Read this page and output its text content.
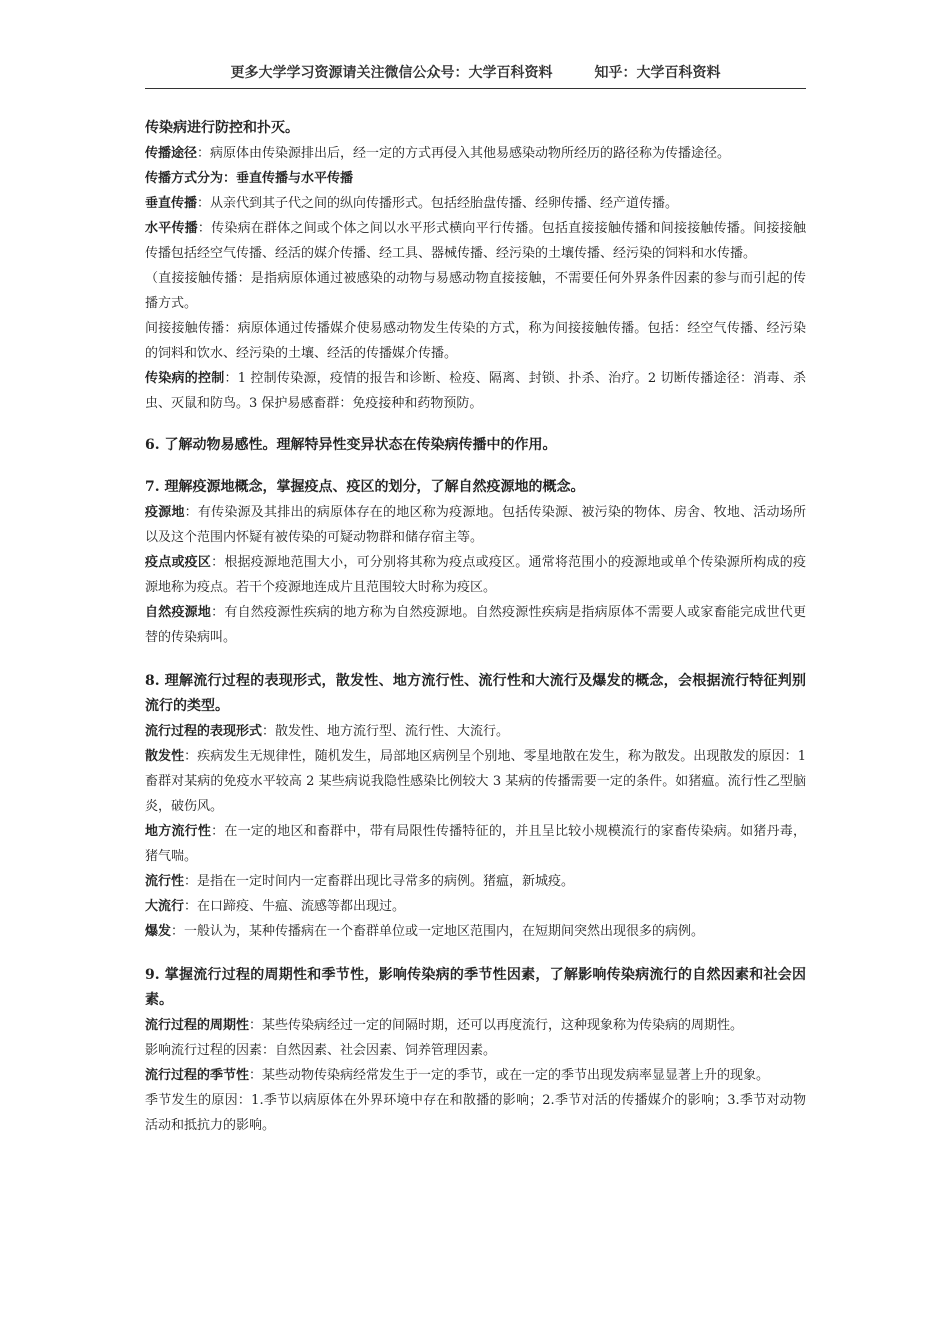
更多大学学习资源请关注微信公众号：大学百科资料	知乎：大学百科资料

传染病进行防控和扑灭。

传播途径：病原体由传染源排出后，经一定的方式再侵入其他易感染动物所经历的路径称为传播途径。

传播方式分为：垂直传播与水平传播

垂直传播：从亲代到其子代之间的纵向传播形式。包括经胎盘传播、经卵传播、经产道传播。

水平传播：传染病在群体之间或个体之间以水平形式横向平行传播。包括直接接触传播和间接接触传播。间接接触传播包括经空气传播、经活的媒介传播、经工具、器械传播、经污染的土壤传播、经污染的饲料和水传播。

（直接接触传播：是指病原体通过被感染的动物与易感动物直接接触，不需要任何外界条件因素的参与而引起的传播方式。

间接接触传播：病原体通过传播媒介使易感动物发生传染的方式，称为间接接触传播。包括：经空气传播、经污染的饲料和饮水、经污染的土壤、经活的传播媒介传播。

传染病的控制：1 控制传染源，疫情的报告和诊断、检疫、隔离、封锁、扑杀、治疗。2 切断传播途径：消毒、杀虫、灭鼠和防鸟。3 保护易感畜群：免疫接种和药物预防。

6. 了解动物易感性。理解特异性变异状态在传染病传播中的作用。

7. 理解疫源地概念，掌握疫点、疫区的划分，了解自然疫源地的概念。

疫源地：有传染源及其排出的病原体存在的地区称为疫源地。包括传染源、被污染的物体、房舍、牧地、活动场所以及这个范围内怀疑有被传染的可疑动物群和储存宿主等。

疫点或疫区：根据疫源地范围大小，可分别将其称为疫点或疫区。通常将范围小的疫源地或单个传染源所构成的疫源地称为疫点。若干个疫源地连成片且范围较大时称为疫区。

自然疫源地：有自然疫源性疾病的地方称为自然疫源地。自然疫源性疾病是指病原体不需要人或家畜能完成世代更替的传染病叫。

8. 理解流行过程的表现形式，散发性、地方流行性、流行性和大流行及爆发的概念，会根据流行特征判别流行的类型。

流行过程的表现形式：散发性、地方流行型、流行性、大流行。

散发性：疾病发生无规律性，随机发生，局部地区病例呈个别地、零星地散在发生，称为散发。出现散发的原因：1 畜群对某病的免疫水平较高 2 某些病说我隐性感染比例较大 3 某病的传播需要一定的条件。如猪瘟。流行性乙型脑炎，破伤风。

地方流行性：在一定的地区和畜群中，带有局限性传播特征的，并且呈比较小规模流行的家畜传染病。如猪丹毒，猪气喘。

流行性：是指在一定时间内一定畜群出现比寻常多的病例。猪瘟，新城疫。

大流行：在口蹄疫、牛瘟、流感等都出现过。

爆发：一般认为，某种传播病在一个畜群单位或一定地区范围内，在短期间突然出现很多的病例。

9. 掌握流行过程的周期性和季节性，影响传染病的季节性因素，了解影响传染病流行的自然因素和社会因素。

流行过程的周期性：某些传染病经过一定的间隔时期，还可以再度流行，这种现象称为传染病的周期性。

影响流行过程的因素：自然因素、社会因素、饲养管理因素。

流行过程的季节性：某些动物传染病经常发生于一定的季节，或在一定的季节出现发病率显显著上升的现象。

季节发生的原因：1.季节以病原体在外界环境中存在和散播的影响；2.季节对活的传播媒介的影响；3.季节对动物活动和抵抗力的影响。
